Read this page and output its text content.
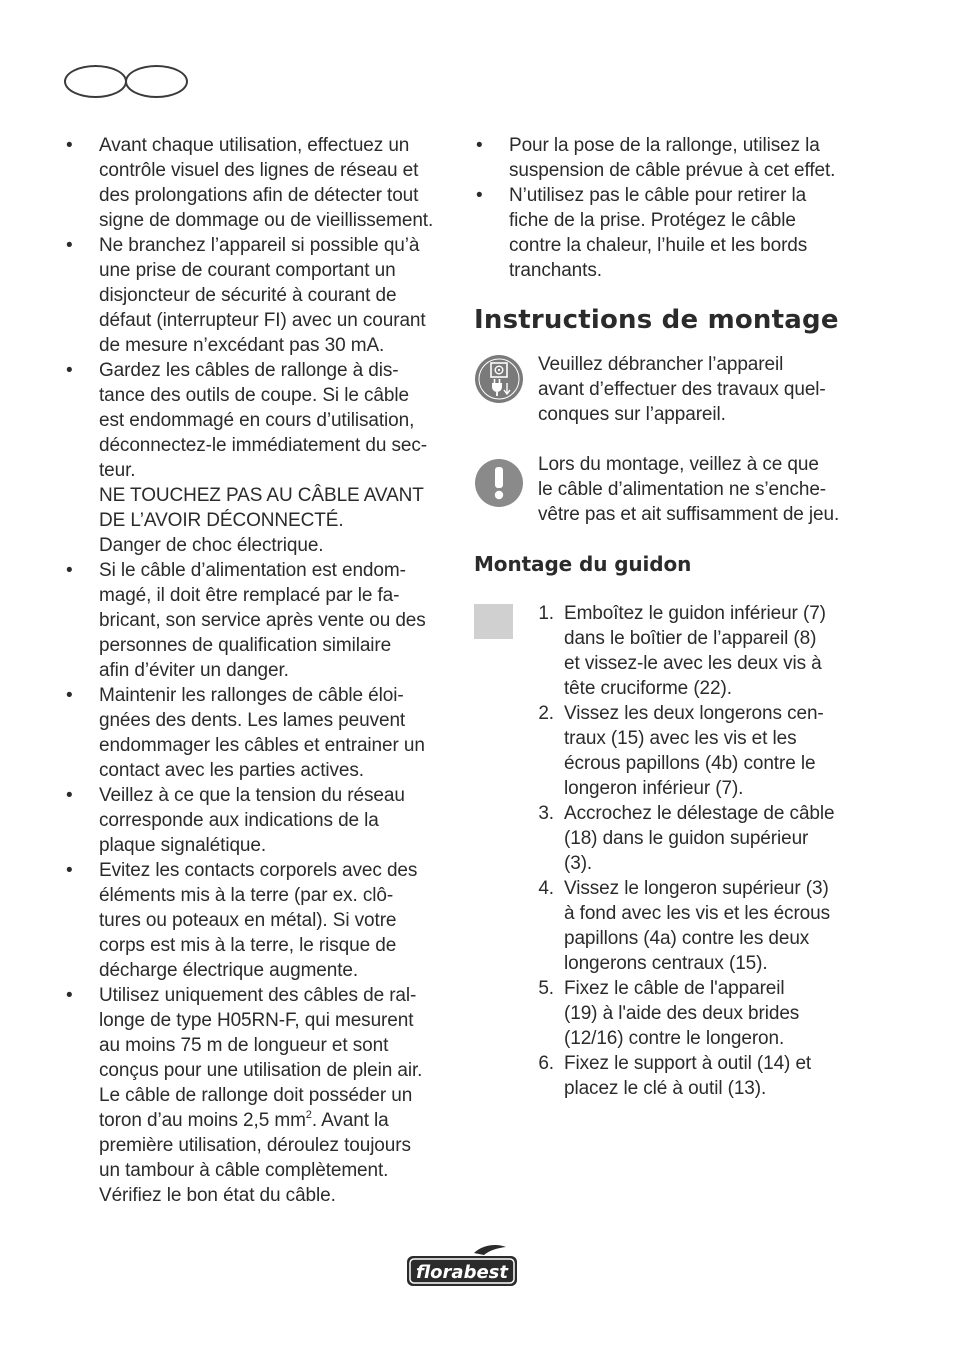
• Avant chaque utilisation, effectuez un
contrôle visuel des lignes de réseau et
des prolongations afin de détecter tout
signe de dommage ou de vieillissement.
• Ne branchez l’appareil si possible qu’à
une prise de courant comportant un
disjoncteur de sécurité à courant de
défaut (interrupteur FI) avec un courant
de mesure n’excédant pas 30 mA.
• Gardez les câbles de rallonge à dis-
tance des outils de coupe. Si le câble
est endommagé en cours d’utilisation,
déconnectez-le immédiatement du sec-
teur.
NE TOUCHEZ PAS AU CÂBLE AVANT
DE L’AVOIR DÉCONNECTÉ.
Danger de choc électrique.
• Si le câble d’alimentation est endom-
magé, il doit être remplacé par le fa-
bricant, son service après vente ou des
personnes de qualification similaire
afin d’éviter un danger.
• Maintenir les rallonges de câble éloi-
gnées des dents. Les lames peuvent
endommager les câbles et entrainer un
contact avec les parties actives.
• Veillez à ce que la tension du réseau
corresponde aux indications de la
plaque signalétique.
• Evitez les contacts corporels avec des
éléments mis à la terre (par ex. clô-
tures ou poteaux en métal). Si votre
corps est mis à la terre, le risque de
décharge électrique augmente.
• Utilisez uniquement des câbles de ral-
longe de type H05RN-F, qui mesurent
au moins 75 m de longueur et sont
conçus pour une utilisation de plein air.
Le câble de rallonge doit posséder un
toron d’au moins 2,5 $mm^2$. Avant la
première utilisation, déroulez toujours
un tambour à câble complètement.
Vérifiez le bon état du câble.
• Pour la pose de la rallonge, utilisez la
suspension de câble prévue à cet effet.
• N’utilisez pas le câble pour retirer la
fiche de la prise. Protégez le câble
contre la chaleur, l’huile et les bords
tranchants.
Instructions de montage
Veuillez débrancher l’appareil
avant d’effectuer des travaux quel-
conques sur l’appareil.
Lors du montage, veillez à ce que
le câble d’alimentation ne s’enche-
vêtre pas et ait suffisamment de jeu.
Montage du guidon
1. Emboîtez le guidon inférieur (7)
dans le boîtier de l’appareil (8)
et vissez-le avec les deux vis à
tête cruciforme (22).
2. Vissez les deux longerons cen-
traux (15) avec les vis et les
écrous papillons (4b) contre le
longeron inférieur (7).
3. Accrochez le délestage de câble
(18) dans le guidon supérieur
(3).
4. Vissez le longeron supérieur (3)
à fond avec les vis et les écrous
papillons (4a) contre les deux
longerons centraux (15).
5. Fixez le câble de l'appareil
(19) à l'aide des deux brides
(12/16) contre le longeron.
6. Fixez le support à outil (14) et
placez le clé à outil (13).
florabest
